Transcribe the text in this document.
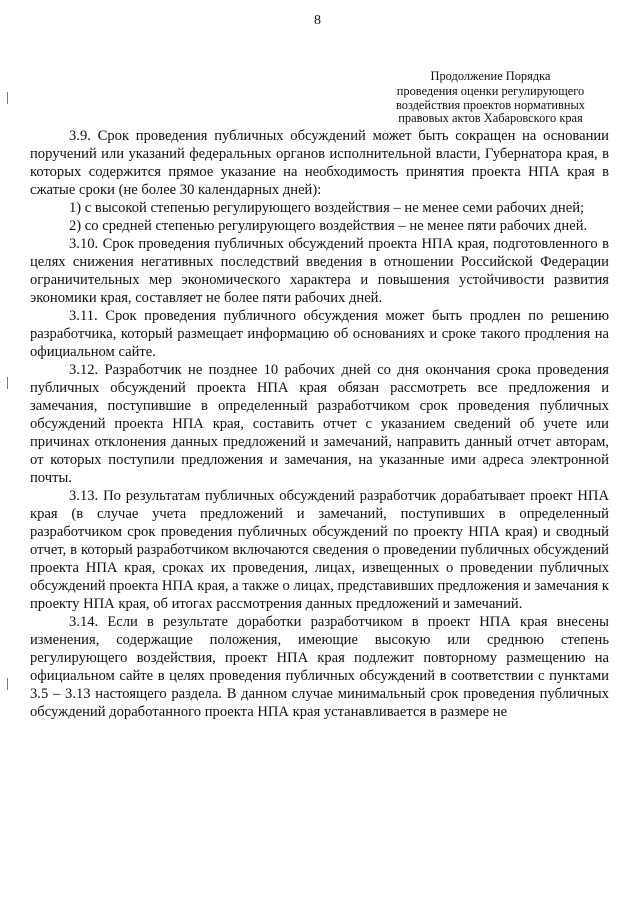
8
Продолжение Порядка
проведения оценки регулирующего
воздействия проектов нормативных
правовых актов Хабаровского края

3.9. Срок проведения публичных обсуждений может быть сокращен на основании поручений или указаний федеральных органов исполнительной власти, Губернатора края, в которых содержится прямое указание на необходимость принятия проекта НПА края в сжатые сроки (не более 30 календарных дней):

1) с высокой степенью регулирующего воздействия – не менее семи рабочих дней;

2) со средней степенью регулирующего воздействия – не менее пяти рабочих дней.

3.10. Срок проведения публичных обсуждений проекта НПА края, подготовленного в целях снижения негативных последствий введения в отношении Российской Федерации ограничительных мер экономического характера и повышения устойчивости развития экономики края, составляет не более пяти рабочих дней.

3.11. Срок проведения публичного обсуждения может быть продлен по решению разработчика, который размещает информацию об основаниях и сроке такого продления на официальном сайте.

3.12. Разработчик не позднее 10 рабочих дней со дня окончания срока проведения публичных обсуждений проекта НПА края обязан рассмотреть все предложения и замечания, поступившие в определенный разработчиком срок проведения публичных обсуждений проекта НПА края, составить отчет с указанием сведений об учете или причинах отклонения данных предложений и замечаний, направить данный отчет авторам, от которых поступили предложения и замечания, на указанные ими адреса электронной почты.

3.13. По результатам публичных обсуждений разработчик дорабатывает проект НПА края (в случае учета предложений и замечаний, поступивших в определенный разработчиком срок проведения публичных обсуждений по проекту НПА края) и сводный отчет, в который разработчиком включаются сведения о проведении публичных обсуждений проекта НПА края, сроках их проведения, лицах, извещенных о проведении публичных обсуждений проекта НПА края, а также о лицах, представивших предложения и замечания к проекту НПА края, об итогах рассмотрения данных предложений и замечаний.

3.14. Если в результате доработки разработчиком в проект НПА края внесены изменения, содержащие положения, имеющие высокую или среднюю степень регулирующего воздействия, проект НПА края подлежит повторному размещению на официальном сайте в целях проведения публичных обсуждений в соответствии с пунктами 3.5 – 3.13 настоящего раздела. В данном случае минимальный срок проведения публичных обсуждений доработанного проекта НПА края устанавливается в размере не
